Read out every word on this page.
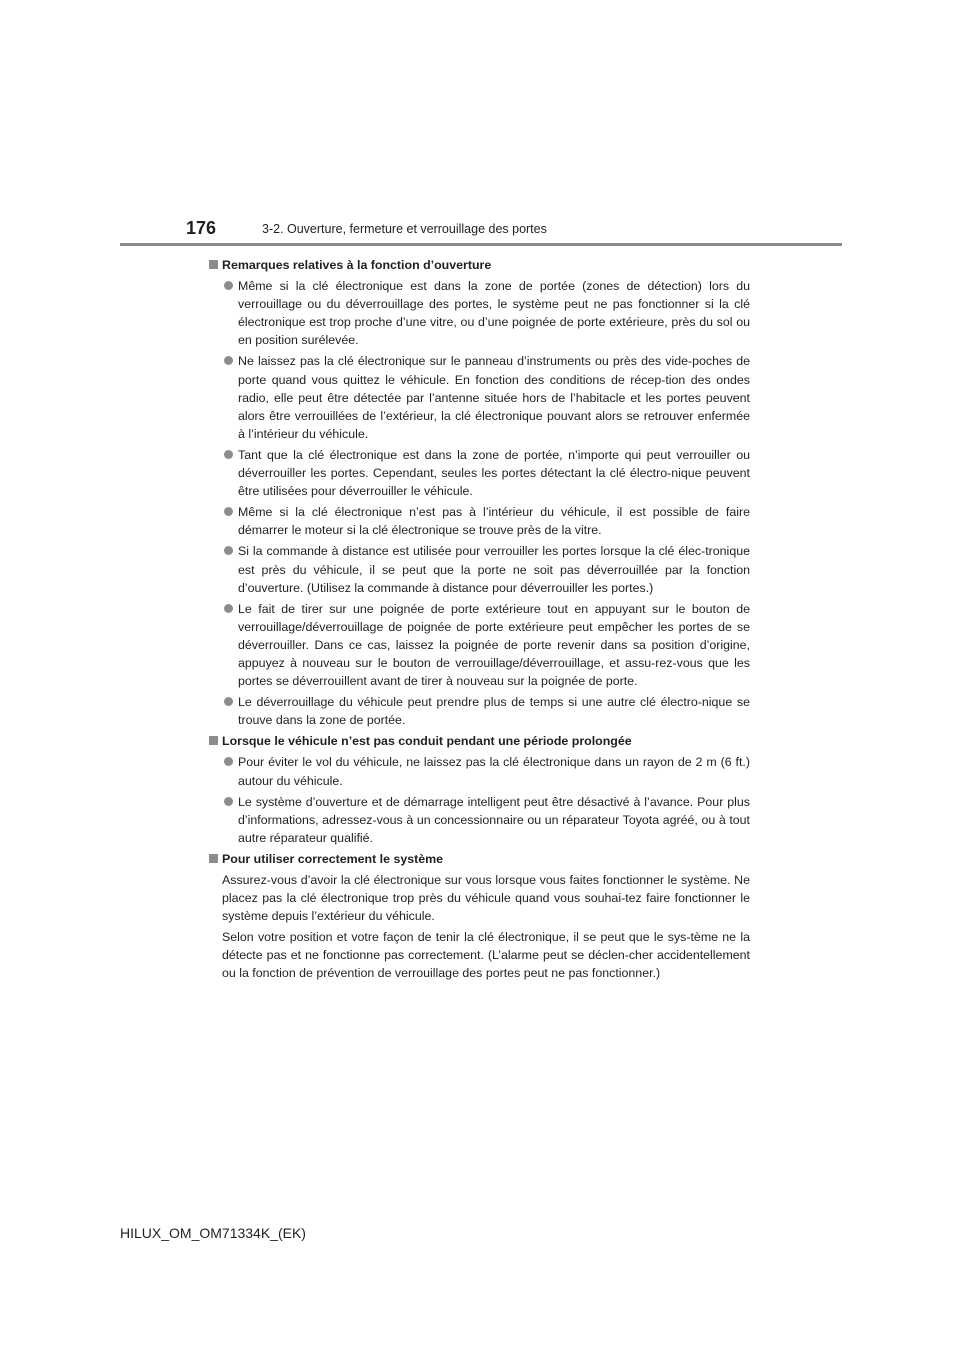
176	3-2. Ouverture, fermeture et verrouillage des portes
Remarques relatives à la fonction d’ouverture
Même si la clé électronique est dans la zone de portée (zones de détection) lors du verrouillage ou du déverrouillage des portes, le système peut ne pas fonctionner si la clé électronique est trop proche d’une vitre, ou d’une poignée de porte extérieure, près du sol ou en position surélevée.
Ne laissez pas la clé électronique sur le panneau d’instruments ou près des vide-poches de porte quand vous quittez le véhicule. En fonction des conditions de récep-tion des ondes radio, elle peut être détectée par l’antenne située hors de l’habitacle et les portes peuvent alors être verrouillées de l’extérieur, la clé électronique pouvant alors se retrouver enfermée à l’intérieur du véhicule.
Tant que la clé électronique est dans la zone de portée, n’importe qui peut verrouiller ou déverrouiller les portes. Cependant, seules les portes détectant la clé électro-nique peuvent être utilisées pour déverrouiller le véhicule.
Même si la clé électronique n’est pas à l’intérieur du véhicule, il est possible de faire démarrer le moteur si la clé électronique se trouve près de la vitre.
Si la commande à distance est utilisée pour verrouiller les portes lorsque la clé élec-tronique est près du véhicule, il se peut que la porte ne soit pas déverrouillée par la fonction d’ouverture. (Utilisez la commande à distance pour déverrouiller les portes.)
Le fait de tirer sur une poignée de porte extérieure tout en appuyant sur le bouton de verrouillage/déverrouillage de poignée de porte extérieure peut empêcher les portes de se déverrouiller. Dans ce cas, laissez la poignée de porte revenir dans sa position d’origine, appuyez à nouveau sur le bouton de verrouillage/déverrouillage, et assu-rez-vous que les portes se déverrouillent avant de tirer à nouveau sur la poignée de porte.
Le déverrouillage du véhicule peut prendre plus de temps si une autre clé électro-nique se trouve dans la zone de portée.
Lorsque le véhicule n’est pas conduit pendant une période prolongée
Pour éviter le vol du véhicule, ne laissez pas la clé électronique dans un rayon de 2 m (6 ft.) autour du véhicule.
Le système d’ouverture et de démarrage intelligent peut être désactivé à l’avance. Pour plus d’informations, adressez-vous à un concessionnaire ou un réparateur Toyota agréé, ou à tout autre réparateur qualifié.
Pour utiliser correctement le système
Assurez-vous d’avoir la clé électronique sur vous lorsque vous faites fonctionner le système. Ne placez pas la clé électronique trop près du véhicule quand vous souhai-tez faire fonctionner le système depuis l’extérieur du véhicule.
Selon votre position et votre façon de tenir la clé électronique, il se peut que le sys-tème ne la détecte pas et ne fonctionne pas correctement. (L’alarme peut se déclen-cher accidentellement ou la fonction de prévention de verrouillage des portes peut ne pas fonctionner.)
HILUX_OM_OM71334K_(EK)
